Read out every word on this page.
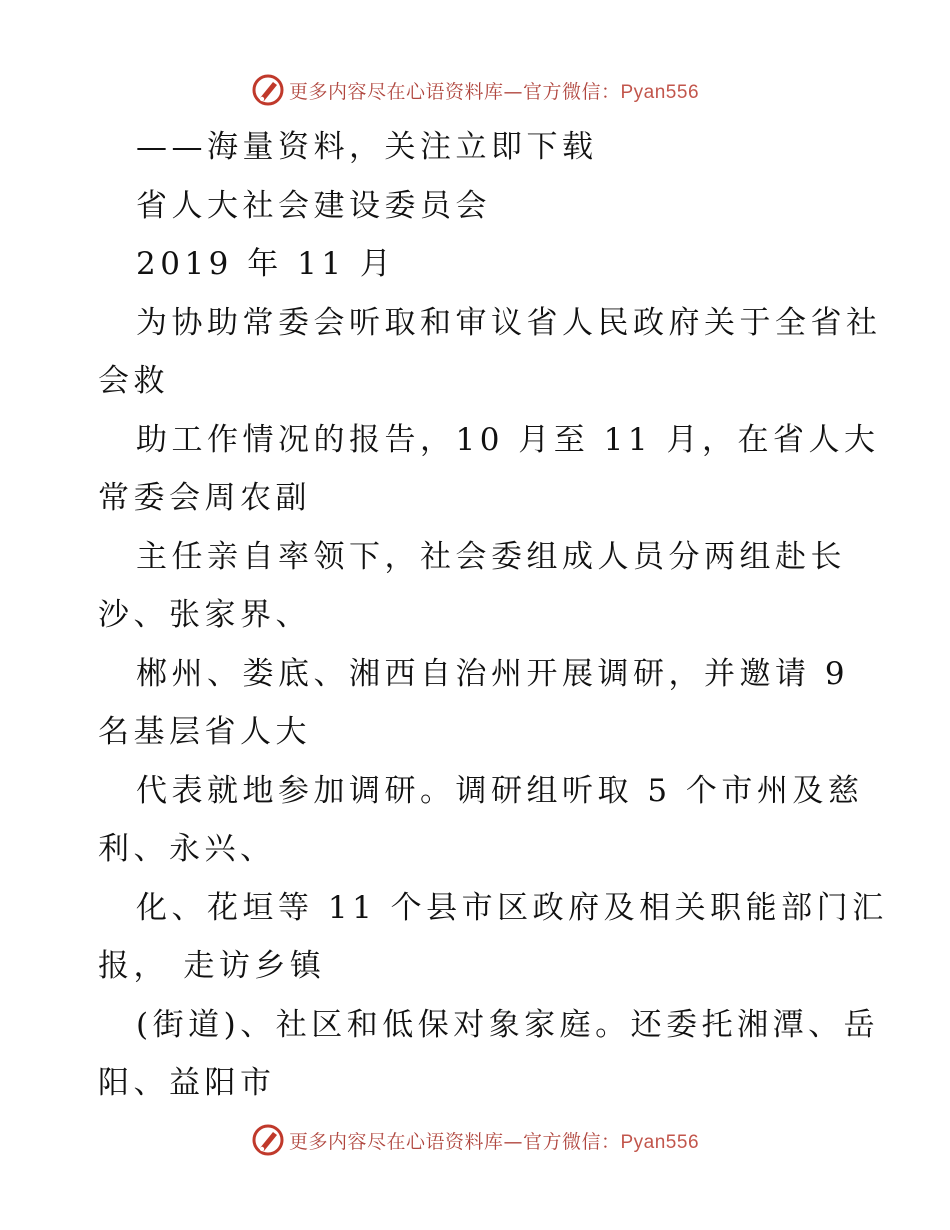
更多内容尽在心语资料库—官方微信：Pyan556
——海量资料，关注立即下载
省人大社会建设委员会
2019 年 11 月
为协助常委会听取和审议省人民政府关于全省社
会救
助工作情况的报告，10 月至 11 月，在省人大
常委会周农副
主任亲自率领下，社会委组成人员分两组赴长
沙、张家界、
郴州、娄底、湘西自治州开展调研，并邀请 9
名基层省人大
代表就地参加调研。调研组听取 5 个市州及慈
利、永兴、
化、花垣等 11 个县市区政府及相关职能部门汇
报， 走访乡镇
(街道)、社区和低保对象家庭。还委托湘潭、岳
阳、益阳市
更多内容尽在心语资料库—官方微信：Pyan556
